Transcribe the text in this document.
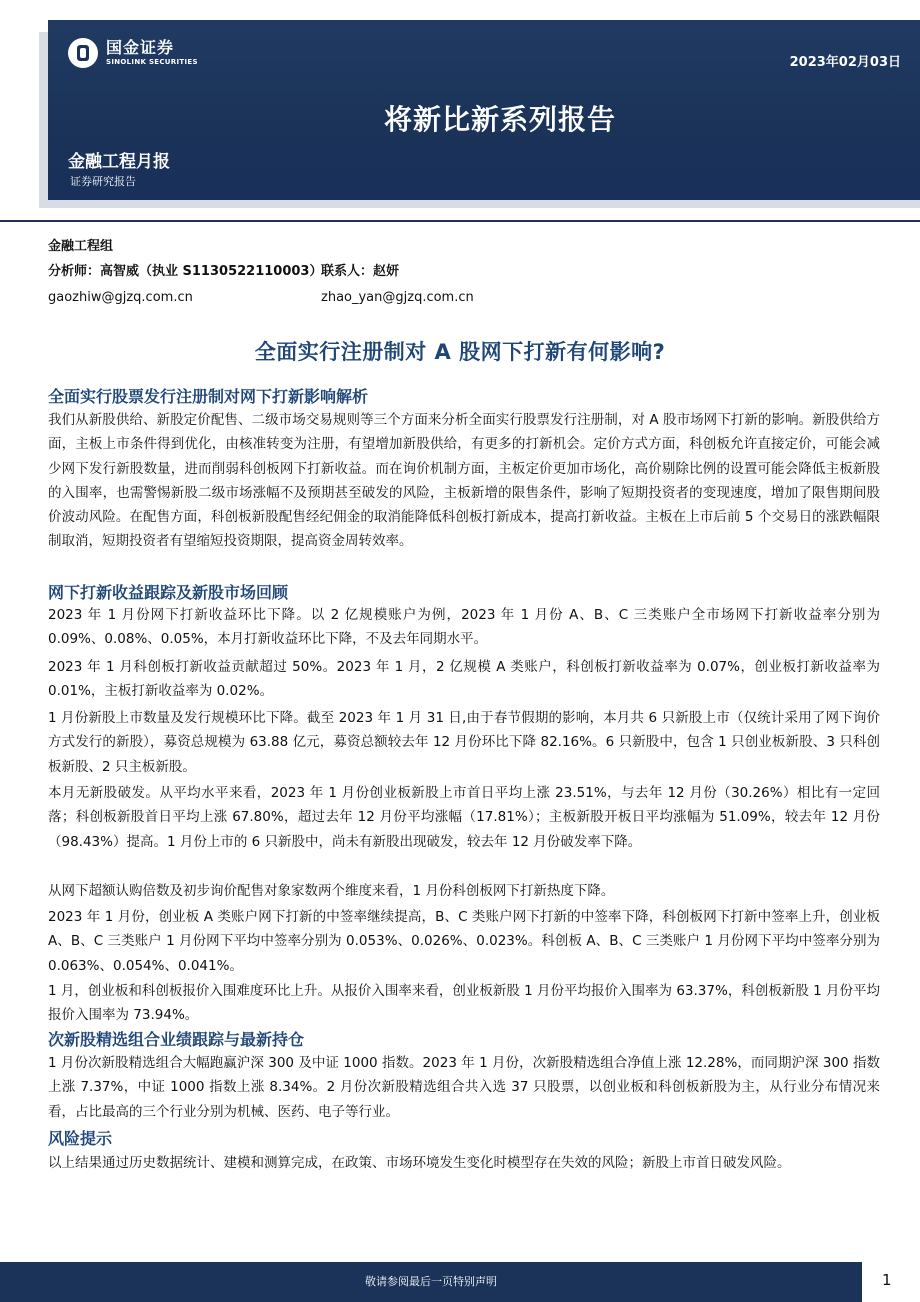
国金证券
SINOLINK SECURITIES	2023年02月03日
将新比新系列报告
金融工程月报
证券研究报告
金融工程组
分析师：高智威（执业 S1130522110003）
联系人：赵妍
gaozhiw@gjzq.com.cn	zhao_yan@gjzq.com.cn
全面实行注册制对 A 股网下打新有何影响?
全面实行股票发行注册制对网下打新影响解析
我们从新股供给、新股定价配售、二级市场交易规则等三个方面来分析全面实行股票发行注册制，对 A 股市场网下打新的影响。新股供给方面，主板上市条件得到优化，由核准转变为注册，有望增加新股供给，有更多的打新机会。定价方式方面，科创板允许直接定价，可能会减少网下发行新股数量，进而削弱科创板网下打新收益。而在询价机制方面，主板定价更加市场化，高价剔除比例的设置可能会降低主板新股的入围率，也需警惕新股二级市场涨幅不及预期甚至破发的风险，主板新增的限售条件，影响了短期投资者的变现速度，增加了限售期间股价波动风险。在配售方面，科创板新股配售经纪佣金的取消能降低科创板打新成本，提高打新收益。主板在上市后前 5 个交易日的涨跌幅限制取消，短期投资者有望缩短投资期限，提高资金周转效率。
网下打新收益跟踪及新股市场回顾
2023 年 1 月份网下打新收益环比下降。以 2 亿规模账户为例，2023 年 1 月份 A、B、C 三类账户全市场网下打新收益率分别为 0.09%、0.08%、0.05%，本月打新收益环比下降，不及去年同期水平。
2023 年 1 月科创板打新收益贡献超过 50%。2023 年 1 月，2 亿规模 A 类账户，科创板打新收益率为 0.07%，创业板打新收益率为 0.01%，主板打新收益率为 0.02%。
1 月份新股上市数量及发行规模环比下降。截至 2023 年 1 月 31 日,由于春节假期的影响，本月共 6 只新股上市（仅统计采用了网下询价方式发行的新股），募资总规模为 63.88 亿元，募资总额较去年 12 月份环比下降 82.16%。6 只新股中，包含 1 只创业板新股、3 只科创板新股、2 只主板新股。
本月无新股破发。从平均水平来看，2023 年 1 月份创业板新股上市首日平均上涨 23.51%，与去年 12 月份（30.26%）相比有一定回落；科创板新股首日平均上涨 67.80%，超过去年 12 月份平均涨幅（17.81%）；主板新股开板日平均涨幅为 51.09%，较去年 12 月份（98.43%）提高。1 月份上市的 6 只新股中，尚未有新股出现破发，较去年 12 月份破发率下降。
从网下超额认购倍数及初步询价配售对象家数两个维度来看，1 月份科创板网下打新热度下降。
2023 年 1 月份，创业板 A 类账户网下打新的中签率继续提高，B、C 类账户网下打新的中签率下降，科创板网下打新中签率上升，创业板 A、B、C 三类账户 1 月份网下平均中签率分别为 0.053%、0.026%、0.023%。科创板 A、B、C 三类账户 1 月份网下平均中签率分别为 0.063%、0.054%、0.041%。
1 月，创业板和科创板报价入围难度环比上升。从报价入围率来看，创业板新股 1 月份平均报价入围率为 63.37%，科创板新股 1 月份平均报价入围率为 73.94%。
次新股精选组合业绩跟踪与最新持仓
1 月份次新股精选组合大幅跑赢沪深 300 及中证 1000 指数。2023 年 1 月份，次新股精选组合净值上涨 12.28%，而同期沪深 300 指数上涨 7.37%，中证 1000 指数上涨 8.34%。2 月份次新股精选组合共入选 37 只股票，以创业板和科创板新股为主，从行业分布情况来看，占比最高的三个行业分别为机械、医药、电子等行业。
风险提示
以上结果通过历史数据统计、建模和测算完成，在政策、市场环境发生变化时模型存在失效的风险；新股上市首日破发风险。
敬请参阅最后一页特别声明	1
